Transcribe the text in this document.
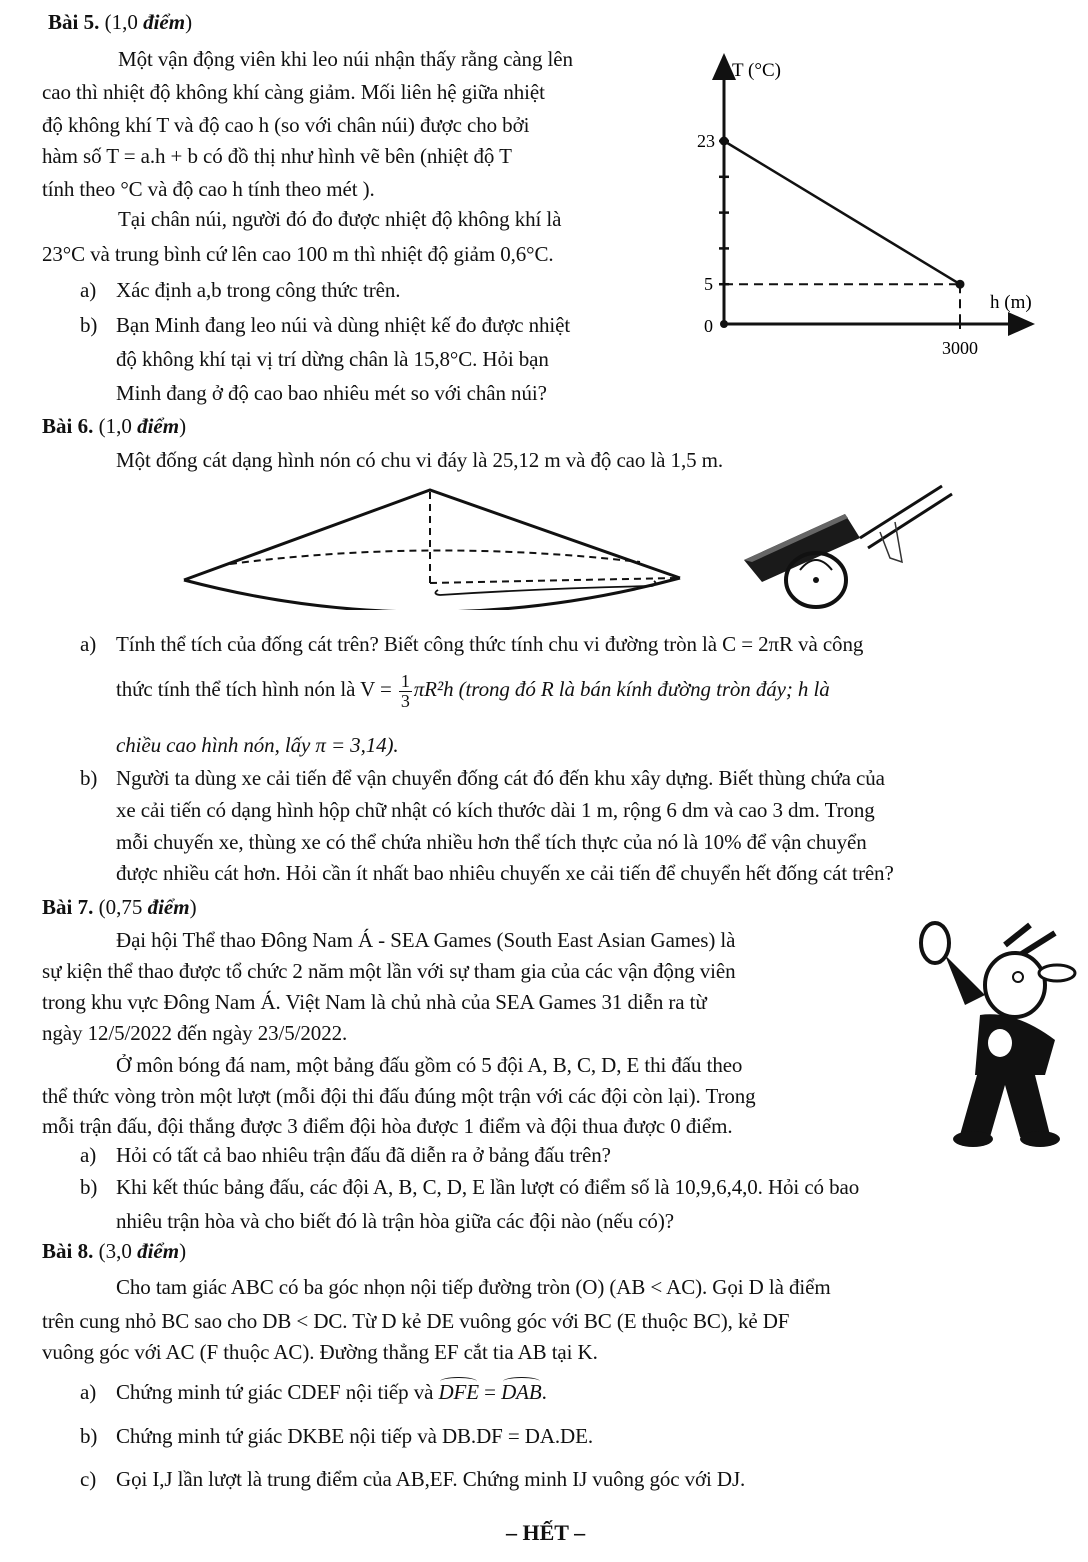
Bài 5. (1,0 điểm)
Một vận động viên khi leo núi nhận thấy rằng càng lên
cao thì nhiệt độ không khí càng giảm. Mối liên hệ giữa nhiệt
độ không khí T và độ cao h (so với chân núi) được cho bởi
hàm số T = a.h + b có đồ thị như hình vẽ bên (nhiệt độ T
tính theo °C và độ cao h tính theo mét ).
Tại chân núi, người đó đo được nhiệt độ không khí là
23°C và trung bình cứ lên cao 100 m thì nhiệt độ giảm 0,6°C.
a) Xác định a,b trong công thức trên.
b) Bạn Minh đang leo núi và dùng nhiệt kế đo được nhiệt
độ không khí tại vị trí dừng chân là 15,8°C. Hỏi bạn
Minh đang ở độ cao bao nhiêu mét so với chân núi?
T (°C)
h (m)
0
23
5
3000
Bài 6. (1,0 điểm)
Một đống cát dạng hình nón có chu vi đáy là 25,12 m và độ cao là 1,5 m.
a) Tính thể tích của đống cát trên? Biết công thức tính chu vi đường tròn là C = 2πR và công
thức tính thể tích hình nón là $V = \frac{1}{3} \pi R^2h$ (trong đó R là bán kính đường tròn đáy; h là
chiều cao hình nón, lấy π = 3,14).
b) Người ta dùng xe cải tiến để vận chuyển đống cát đó đến khu xây dựng. Biết thùng chứa của
xe cải tiến có dạng hình hộp chữ nhật có kích thước dài 1 m, rộng 6 dm và cao 3 dm. Trong
mỗi chuyến xe, thùng xe có thể chứa nhiều hơn thể tích thực của nó là 10% để vận chuyển
được nhiều cát hơn. Hỏi cần ít nhất bao nhiêu chuyến xe cải tiến để chuyển hết đống cát trên?
Bài 7. (0,75 điểm)
Đại hội Thể thao Đông Nam Á - SEA Games (South East Asian Games) là
sự kiện thể thao được tổ chức 2 năm một lần với sự tham gia của các vận động viên
trong khu vực Đông Nam Á. Việt Nam là chủ nhà của SEA Games 31 diễn ra từ
ngày 12/5/2022 đến ngày 23/5/2022.
Ở môn bóng đá nam, một bảng đấu gồm có 5 đội A, B, C, D, E thi đấu theo
thể thức vòng tròn một lượt (mỗi đội thi đấu đúng một trận với các đội còn lại). Trong
mỗi trận đấu, đội thắng được 3 điểm đội hòa được 1 điểm và đội thua được 0 điểm.
a) Hỏi có tất cả bao nhiêu trận đấu đã diễn ra ở bảng đấu trên?
b) Khi kết thúc bảng đấu, các đội A, B, C, D, E lần lượt có điểm số là 10,9,6,4,0. Hỏi có bao
nhiêu trận hòa và cho biết đó là trận hòa giữa các đội nào (nếu có)?
Bài 8. (3,0 điểm)
Cho tam giác ABC có ba góc nhọn nội tiếp đường tròn (O) (AB < AC). Gọi D là điểm
trên cung nhỏ BC sao cho DB < DC. Từ D kẻ DE vuông góc với BC (E thuộc BC), kẻ DF
vuông góc với AC (F thuộc AC). Đường thẳng EF cắt tia AB tại K.
a) Chứng minh tứ giác CDEF nội tiếp và DFE = DAB.
b) Chứng minh tứ giác DKBE nội tiếp và DB.DF = DA.DE.
c) Gọi I,J lần lượt là trung điểm của AB,EF. Chứng minh IJ vuông góc với DJ.
– HẾT –
